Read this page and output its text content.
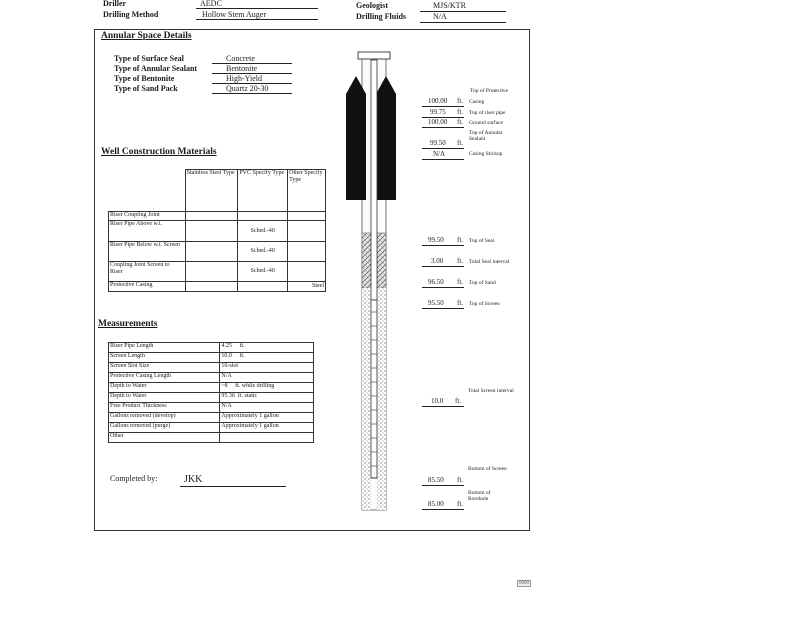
Driller	AEDC
Drilling Method	Hollow Stem Auger
Geologist	MJS/KTR
Drilling Fluids	N/A
Annular Space Details
Type of Surface Seal	Concrete
Type of Annular Sealant	Bentonite
Type of Bentonite	High-Yield
Type of Sand Pack	Quartz 20-30
Well Construction Materials
	Stainless Steel Type	PVC Specify Type	Other Specify Type
Riser Coupling Joint			
Riser Pipe Above w.t.		Sched.-40	
Riser Pipe Below w.t. Screen		Sched.-40	
Coupling Joint Screen to Riser		Sched.-40	
Protective Casing			Steel
Measurements
Riser Pipe Length	4.25 ft.
Screen Length	10.0 ft.
Screen Slot Size	10-slot
Protective Casing Length	N/A
Depth to Water	~8 ft. while drilling
Depth to Water	95.36 ft. static
Free Product Thickness	N/A
Gallons removed (develop)	Approximately 1 gallon
Gallons removed (purge)	Approximately 1 gallon
Other	
Completed by:	JKK
Top of Protective
100.00 ft. Casing
99.75 ft. Top of riser pipe
100.00 ft. Ground surface
99.50 ft.
Top of Annular Sealant
N/A	Casing Stickup
99.50 ft. Top of Seal
3.00 ft. Total Seal interval
96.50 ft. Top of Sand
95.50 ft. Top of Screen
10.0 ft.
Total Screen interval
85.50 ft.
Bottom of Screen
85.00 ft.
Bottom of Borehole
0000
